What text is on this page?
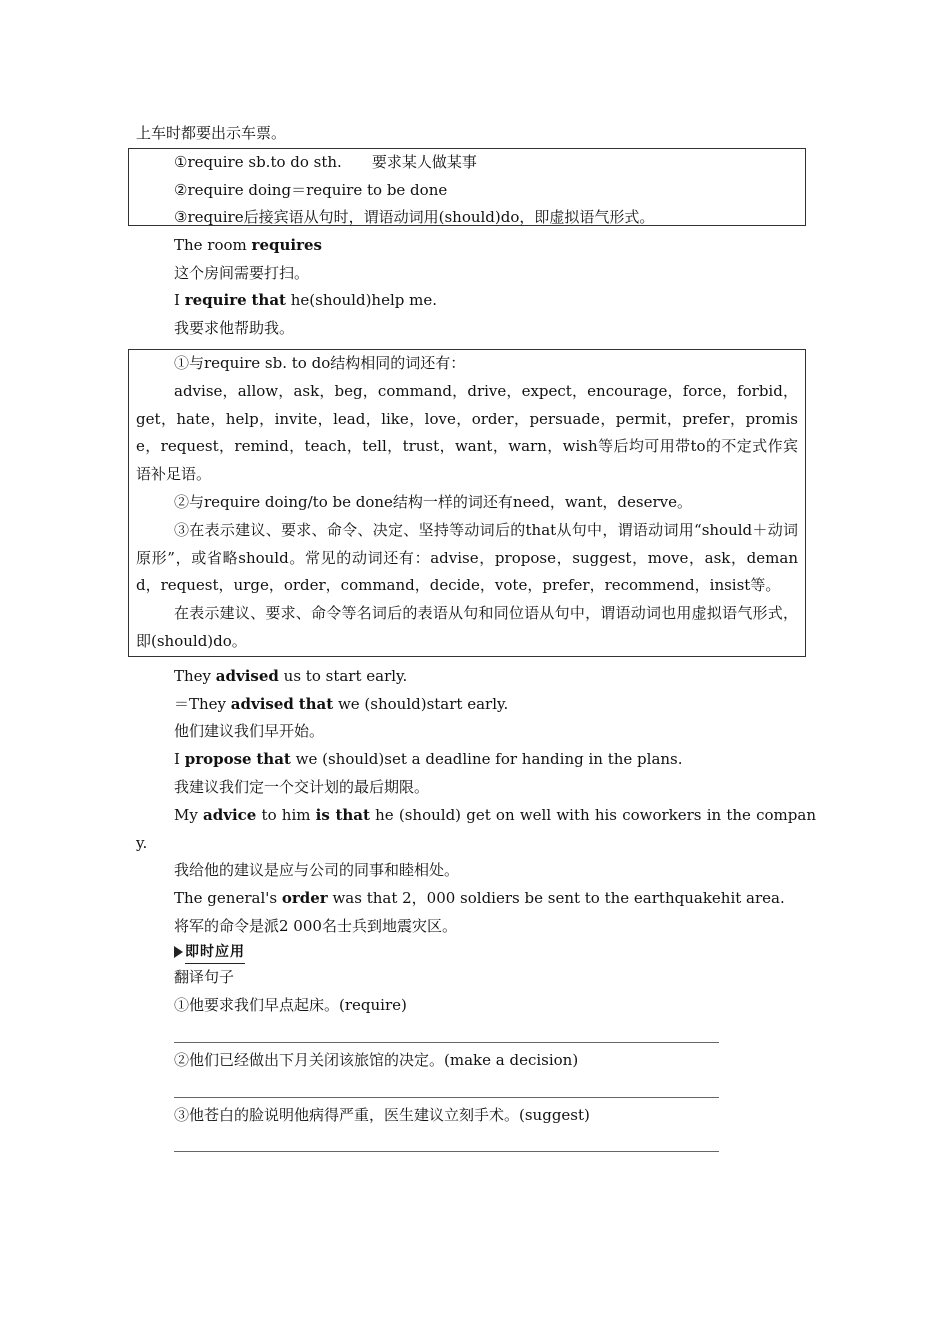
上车时都要出示车票。

①require sb.to do sth.　　要求某人做某事

②require doing＝require to be done

③require后接宾语从句时，谓语动词用(should)do，即虚拟语气形式。

The room requires

这个房间需要打扫。

I require that he(should)help me.

我要求他帮助我。

①与require sb. to do结构相同的词还有：

advise，allow，ask，beg，command，drive，expect，encourage，force，forbid，get，hate，help，invite，lead，like，love，order，persuade，permit，prefer，promise，request，remind，teach，tell，trust，want，warn，wish等后均可用带to的不定式作宾语补足语。

②与require doing/to be done结构一样的词还有need，want，deserve。

③在表示建议、要求、命令、决定、坚持等动词后的that从句中，谓语动词用“should＋动词原形”，或省略should。常见的动词还有：advise，propose，suggest，move，ask，demand，request，urge，order，command，decide，vote，prefer，recommend，insist等。

在表示建议、要求、命令等名词后的表语从句和同位语从句中，谓语动词也用虚拟语气形式，即(should)do。

They advised us to start early.

＝They advised that we (should)start early.

他们建议我们早开始。

I propose that we (should)set a deadline for handing in the plans.

我建议我们定一个交计划的最后期限。

My advice to him is that he (should) get on well with his coworkers in the company.

我给他的建议是应与公司的同事和睦相处。

The general's order was that 2，000 soldiers be sent to the earthquakehit area.

将军的命令是派2 000名士兵到地震灾区。

即时应用

翻译句子

①他要求我们早点起床。(require)

②他们已经做出下月关闭该旅馆的决定。(make a decision)

③他苍白的脸说明他病得严重，医生建议立刻手术。(suggest)
